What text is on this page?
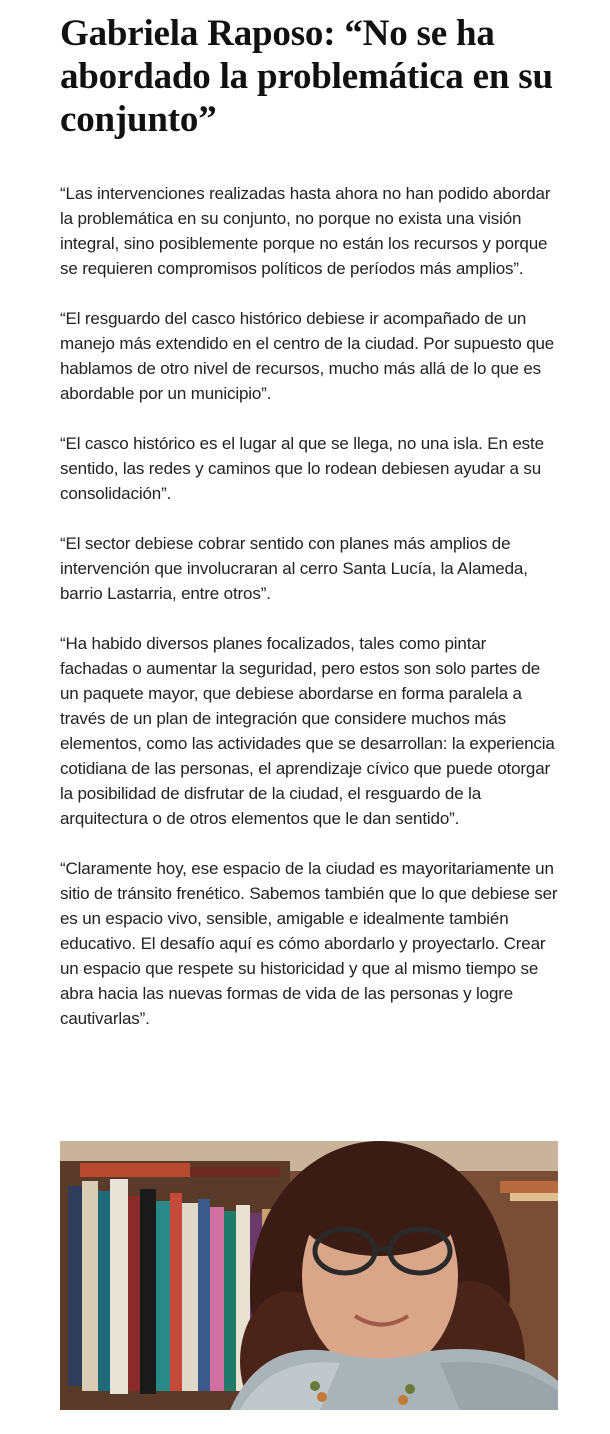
Gabriela Raposo: “No se ha abordado la problemática en su conjunto”

“Las intervenciones realizadas hasta ahora no han podido abordar la problemática en su conjunto, no porque no exista una visión integral, sino posiblemente porque no están los recursos y porque se requieren compromisos políticos de períodos más amplios”.

“El resguardo del casco histórico debiese ir acompañado de un manejo más extendido en el centro de la ciudad. Por supuesto que hablamos de otro nivel de recursos, mucho más allá de lo que es abordable por un municipio”.

“El casco histórico es el lugar al que se llega, no una isla. En este sentido, las redes y caminos que lo rodean debiesen ayudar a su consolidación”.

“El sector debiese cobrar sentido con planes más amplios de intervención que involucraran al cerro Santa Lucía, la Alameda, barrio Lastarria, entre otros”.

“Ha habido diversos planes focalizados, tales como pintar fachadas o aumentar la seguridad, pero estos son solo partes de un paquete mayor, que debiese abordarse en forma paralela a través de un plan de integración que considere muchos más elementos, como las actividades que se desarrollan: la experiencia cotidiana de las personas, el aprendizaje cívico que puede otorgar la posibilidad de disfrutar de la ciudad, el resguardo de la arquitectura o de otros elementos que le dan sentido”.

“Claramente hoy, ese espacio de la ciudad es mayoritariamente un sitio de tránsito frenético. Sabemos también que lo que debiese ser es un espacio vivo, sensible, amigable e idealmente también educativo. El desafío aquí es cómo abordarlo y proyectarlo. Crear un espacio que respete su historicidad y que al mismo tiempo se abra hacia las nuevas formas de vida de las personas y logre cautivarlas”.
